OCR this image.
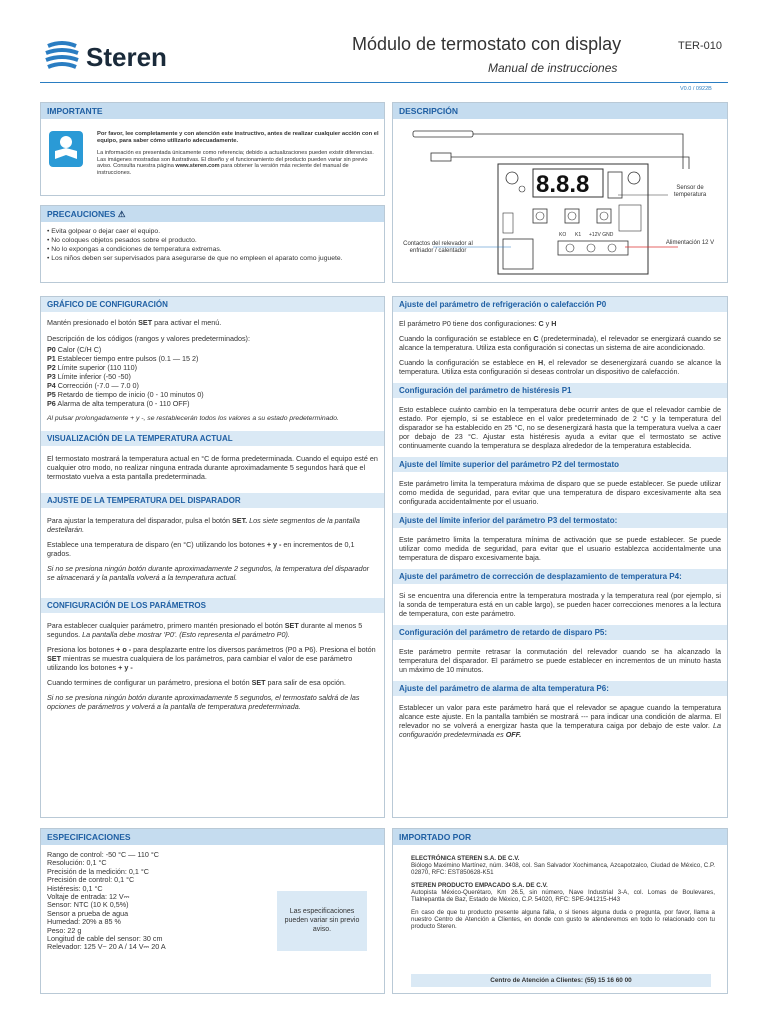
Steren	Módulo de termostato con display	TER-010
Manual de instrucciones
V0.0 / 0922B
IMPORTANTE

Por favor, lee completamente y con atención este instructivo, antes de realizar cualquier acción con el equipo, para saber cómo utilizarlo adecuadamente.

La información es presentada únicamente como referencia; debido a actualizaciones pueden existir diferencias. Las imágenes mostradas son ilustrativas. El diseño y el funcionamiento del producto pueden variar sin previo aviso. Consulta nuestra página www.steren.com para obtener la versión más reciente del manual de instrucciones.

PRECAUCIONES ⚠
• Evita golpear o dejar caer el equipo.
• No coloques objetos pesados sobre el producto.
• No lo expongas a condiciones de temperatura extremas.
• Los niños deben ser supervisados para asegurarse de que no empleen el aparato como juguete.
DESCRIPCIÓN
8.8.8
KO K1 +12V GND
Sensor de temperatura
Contactos del relevador al enfriador / calentador
Alimentación 12 V
GRÁFICO DE CONFIGURACIÓN

Mantén presionado el botón SET para activar el menú.

Descripción de los códigos (rangos y valores predeterminados):

P0 Calor (C/H C)

P1 Establecer tiempo entre pulsos (0.1 — 15 2)

P2 Límite superior (110 110)

P3 Límite inferior (-50 -50)

P4 Corrección (-7.0 — 7.0 0)

P5 Retardo de tiempo de inicio (0 - 10 minutos 0)

P6 Alarma de alta temperatura (0 - 110 OFF)

Al pulsar prolongadamente + y -, se restablecerán todos los valores a su estado predeterminado.

VISUALIZACIÓN DE LA TEMPERATURA ACTUAL

El termostato mostrará la temperatura actual en °C de forma predeterminada. Cuando el equipo esté en cualquier otro modo, no realizar ninguna entrada durante aproximadamente 5 segundos hará que el termostato vuelva a esta pantalla predeterminada.

AJUSTE DE LA TEMPERATURA DEL DISPARADOR

Para ajustar la temperatura del disparador, pulsa el botón SET. Los siete segmentos de la pantalla destellarán.

Establece una temperatura de disparo (en °C) utilizando los botones + y - en incrementos de 0,1 grados.

Si no se presiona ningún botón durante aproximadamente 2 segundos, la temperatura del disparador se almacenará y la pantalla volverá a la temperatura actual.

CONFIGURACIÓN DE LOS PARÁMETROS

Para establecer cualquier parámetro, primero mantén presionado el botón SET durante al menos 5 segundos. La pantalla debe mostrar 'P0'. (Esto representa el parámetro P0).

Presiona los botones + o - para desplazarte entre los diversos parámetros (P0 a P6). Presiona el botón SET mientras se muestra cualquiera de los parámetros, para cambiar el valor de ese parámetro utilizando los botones + y -

Cuando termines de configurar un parámetro, presiona el botón SET para salir de esa opción.

Si no se presiona ningún botón durante aproximadamente 5 segundos, el termostato saldrá de las opciones de parámetros y volverá a la pantalla de temperatura predeterminada.

Ajuste del parámetro de refrigeración o calefacción P0

El parámetro P0 tiene dos configuraciones: C y H

Cuando la configuración se establece en C (predeterminada), el relevador se energizará cuando se alcance la temperatura. Utiliza esta configuración si conectas un sistema de aire acondicionado.

Cuando la configuración se establece en H, el relevador se desenergizará cuando se alcance la temperatura. Utiliza esta configuración si deseas controlar un dispositivo de calefacción.

Configuración del parámetro de histéresis P1

Esto establece cuánto cambio en la temperatura debe ocurrir antes de que el relevador cambie de estado. Por ejemplo, si se establece en el valor predeterminado de 2 °C y la temperatura del disparador se ha establecido en 25 °C, no se desenergizará hasta que la temperatura vuelva a caer por debajo de 23 °C. Ajustar esta histéresis ayuda a evitar que el termostato se active continuamente cuando la temperatura se desplaza alrededor de la temperatura establecida.

Ajuste del límite superior del parámetro P2 del termostato

Este parámetro limita la temperatura máxima de disparo que se puede establecer. Se puede utilizar como medida de seguridad, para evitar que una temperatura de disparo excesivamente alta sea configurada accidentalmente por el usuario.

Ajuste del límite inferior del parámetro P3 del termostato:

Este parámetro limita la temperatura mínima de activación que se puede establecer. Se puede utilizar como medida de seguridad, para evitar que el usuario establezca accidentalmente una temperatura de disparo excesivamente baja.

Ajuste del parámetro de corrección de desplazamiento de temperatura P4:

Si se encuentra una diferencia entre la temperatura mostrada y la temperatura real (por ejemplo, si la sonda de temperatura está en un cable largo), se pueden hacer correcciones menores a la lectura de temperatura, con este parámetro.

Configuración del parámetro de retardo de disparo P5:

Este parámetro permite retrasar la conmutación del relevador cuando se ha alcanzado la temperatura del disparador. El parámetro se puede establecer en incrementos de un minuto hasta un máximo de 10 minutos.

Ajuste del parámetro de alarma de alta temperatura P6:

Establecer un valor para este parámetro hará que el relevador se apague cuando la temperatura alcance este ajuste. En la pantalla también se mostrará --- para indicar una condición de alarma. El relevador no se volverá a energizar hasta que la temperatura caiga por debajo de este valor. La configuración predeterminada es OFF.

ESPECIFICACIONES
Rango de control: -50 °C — 110 °C
Resolución: 0,1 °C
Precisión de la medición: 0,1 °C
Precisión de control: 0,1 °C
Histéresis: 0,1 °C
Voltaje de entrada: 12 V⎓
Sensor: NTC (10 K 0,5%)
Sensor a prueba de agua
Humedad: 20% a 85 %
Peso: 22 g
Longitud de cable del sensor: 30 cm
Relevador: 125 V~ 20 A / 14 V⎓ 20 A
Las especificaciones pueden variar sin previo aviso.
IMPORTADO POR

ELECTRÓNICA STEREN S.A. DE C.V.

Biólogo Maximino Martínez, núm. 3408, col. San Salvador Xochimanca, Azcapotzalco, Ciudad de México, C.P. 02870, RFC: EST850628-K51

STEREN PRODUCTO EMPACADO S.A. DE C.V.

Autopista México-Querétaro, Km 26.5, sin número, Nave Industrial 3-A, col. Lomas de Boulevares, Tlalnepantla de Baz, Estado de México, C.P. 54020, RFC: SPE-941215-H43

En caso de que tu producto presente alguna falla, o si tienes alguna duda o pregunta, por favor, llama a nuestro Centro de Atención a Clientes, en donde con gusto te atenderemos en todo lo relacionado con tu producto Steren.

Centro de Atención a Clientes: (55) 15 16 60 00
